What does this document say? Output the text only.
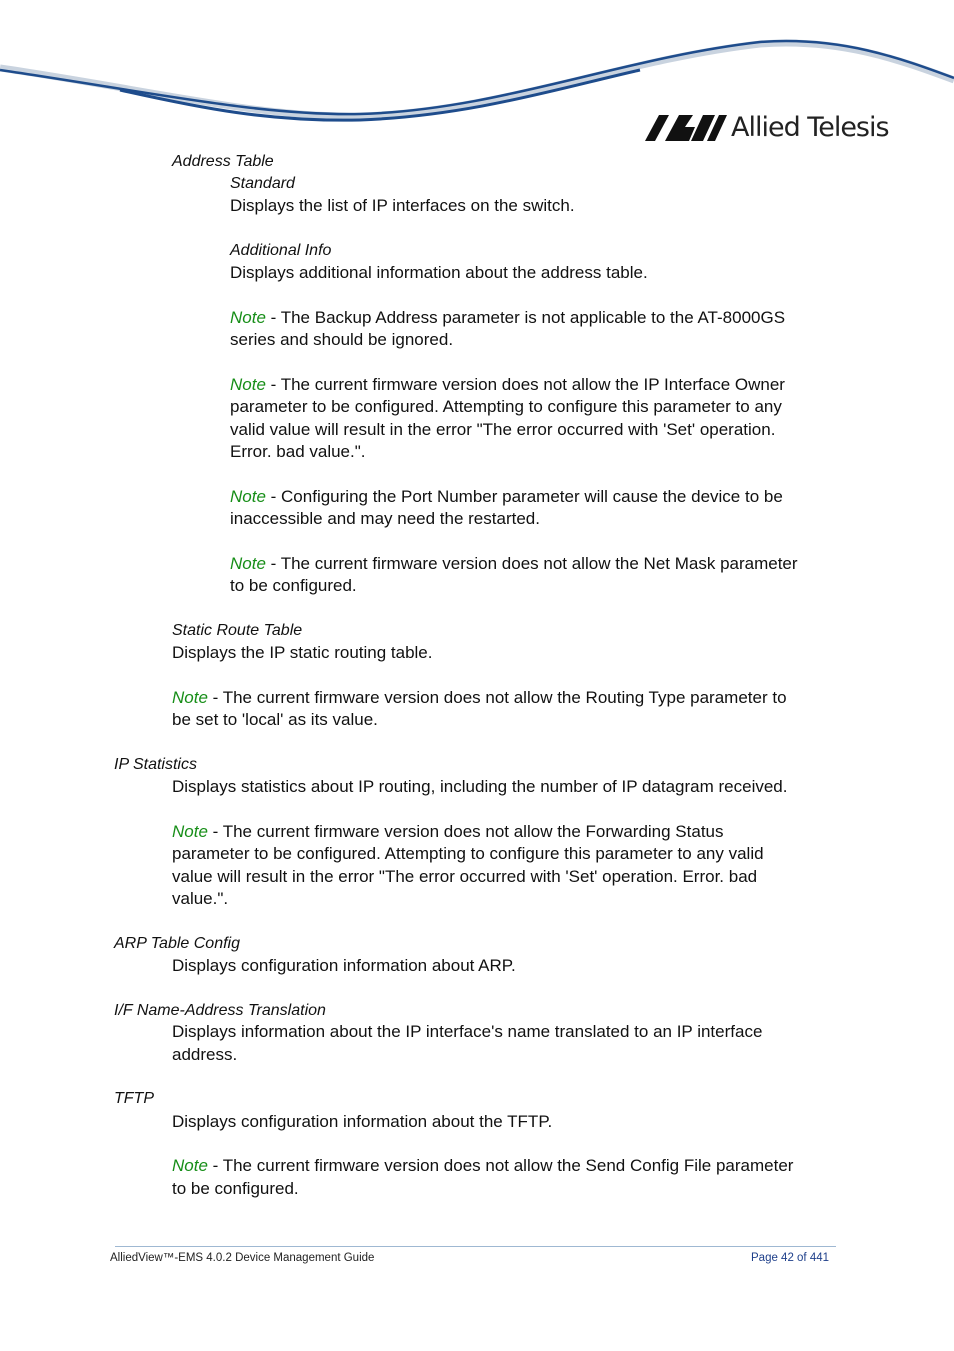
Allied Telesis

Address Table

Standard

Displays the list of IP interfaces on the switch.

Additional Info

Displays additional information about the address table.

Note - The Backup Address parameter is not applicable to the AT-8000GS

series and should be ignored.

Note - The current firmware version does not allow the IP Interface Owner

parameter to be configured. Attempting to configure this parameter to any

valid value will result in the error "The error occurred with 'Set' operation.

Error. bad value.".

Note - Configuring the Port Number parameter will cause the device to be

inaccessible and may need the restarted.

Note - The current firmware version does not allow the Net Mask parameter

to be configured.

Static Route Table

Displays the IP static routing table.

Note - The current firmware version does not allow the Routing Type parameter to

be set to 'local' as its value.

IP Statistics

Displays statistics about IP routing, including the number of IP datagram received.

Note - The current firmware version does not allow the Forwarding Status

parameter to be configured. Attempting to configure this parameter to any valid

value will result in the error "The error occurred with 'Set' operation. Error. bad

value.".

ARP Table Config

Displays configuration information about ARP.

I/F Name-Address Translation

Displays information about the IP interface's name translated to an IP interface

address.

TFTP

Displays configuration information about the TFTP.

Note - The current firmware version does not allow the Send Config File parameter

to be configured.

AlliedView™-EMS 4.0.2 Device Management Guide	Page 42 of 441
